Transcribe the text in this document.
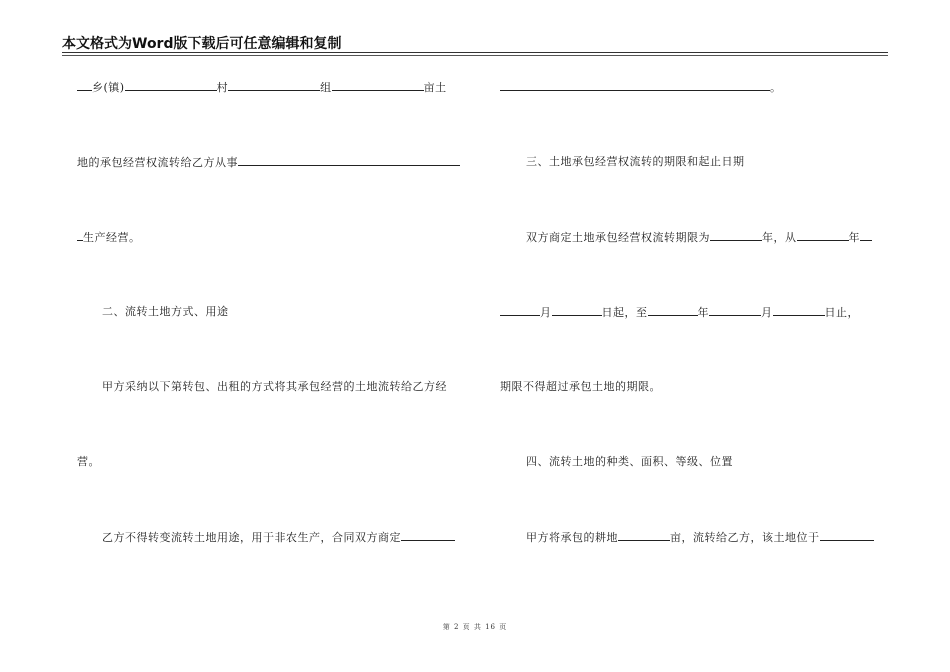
本文格式为Word版下载后可任意编辑和复制
乡(镇)	村	组	亩土
地的承包经营权流转给乙方从事
生产经营。
二、流转土地方式、用途
甲方采纳以下第转包、出租的方式将其承包经营的土地流转给乙方经
营。
乙方不得转变流转土地用途，用于非农生产，合同双方商定
。
三、土地承包经营权流转的期限和起止日期
双方商定土地承包经营权流转期限为	年，从	年
月	日起，至	年	月	日止，
期限不得超过承包土地的期限。
四、流转土地的种类、面积、等级、位置
甲方将承包的耕地	亩，流转给乙方，该土地位于
第 2 页 共 16 页
